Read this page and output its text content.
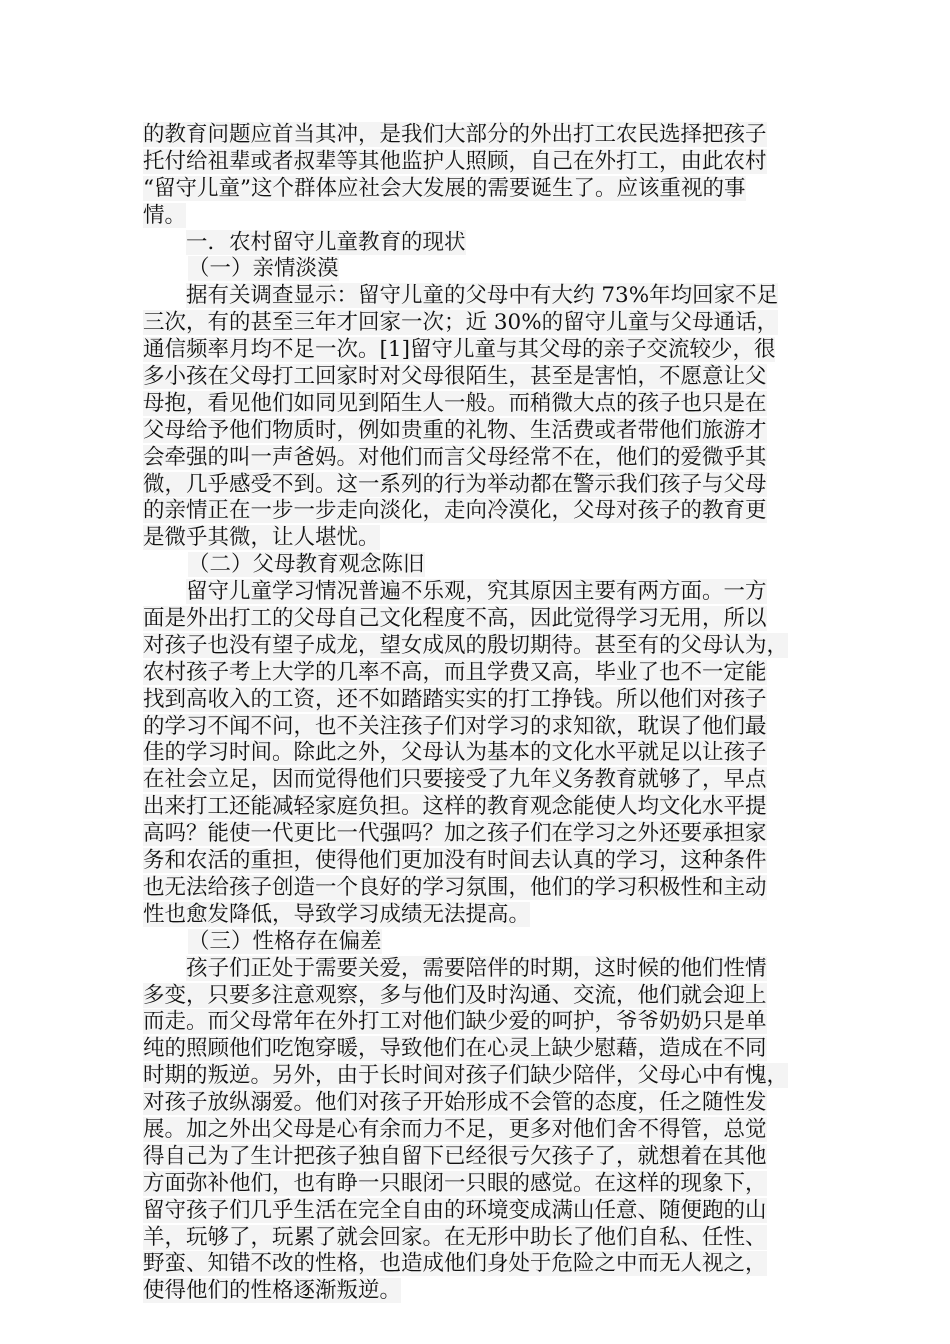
的教育问题应首当其冲，是我们大部分的外出打工农民选择把孩子
托付给祖辈或者叔辈等其他监护人照顾，自己在外打工，由此农村
“留守儿童”这个群体应社会大发展的需要诞生了。应该重视的事
情。
一．农村留守儿童教育的现状
（一）亲情淡漠
据有关调查显示：留守儿童的父母中有大约 73%年均回家不足
三次，有的甚至三年才回家一次；近 30%的留守儿童与父母通话，
通信频率月均不足一次。[1]留守儿童与其父母的亲子交流较少，很
多小孩在父母打工回家时对父母很陌生，甚至是害怕，不愿意让父
母抱，看见他们如同见到陌生人一般。而稍微大点的孩子也只是在
父母给予他们物质时，例如贵重的礼物、生活费或者带他们旅游才
会牵强的叫一声爸妈。对他们而言父母经常不在，他们的爱微乎其
微，几乎感受不到。这一系列的行为举动都在警示我们孩子与父母
的亲情正在一步一步走向淡化，走向冷漠化，父母对孩子的教育更
是微乎其微，让人堪忧。
（二）父母教育观念陈旧
留守儿童学习情况普遍不乐观，究其原因主要有两方面。一方
面是外出打工的父母自己文化程度不高，因此觉得学习无用，所以
对孩子也没有望子成龙，望女成凤的殷切期待。甚至有的父母认为，
农村孩子考上大学的几率不高，而且学费又高，毕业了也不一定能
找到高收入的工资，还不如踏踏实实的打工挣钱。所以他们对孩子
的学习不闻不问，也不关注孩子们对学习的求知欲，耽误了他们最
佳的学习时间。除此之外，父母认为基本的文化水平就足以让孩子
在社会立足，因而觉得他们只要接受了九年义务教育就够了，早点
出来打工还能减轻家庭负担。这样的教育观念能使人均文化水平提
高吗？能使一代更比一代强吗？加之孩子们在学习之外还要承担家
务和农活的重担，使得他们更加没有时间去认真的学习，这种条件
也无法给孩子创造一个良好的学习氛围，他们的学习积极性和主动
性也愈发降低，导致学习成绩无法提高。
（三）性格存在偏差
孩子们正处于需要关爱，需要陪伴的时期，这时候的他们性情
多变，只要多注意观察，多与他们及时沟通、交流，他们就会迎上
而走。而父母常年在外打工对他们缺少爱的呵护，爷爷奶奶只是单
纯的照顾他们吃饱穿暖，导致他们在心灵上缺少慰藉，造成在不同
时期的叛逆。另外，由于长时间对孩子们缺少陪伴，父母心中有愧，
对孩子放纵溺爱。他们对孩子开始形成不会管的态度，任之随性发
展。加之外出父母是心有余而力不足，更多对他们舍不得管，总觉
得自己为了生计把孩子独自留下已经很亏欠孩子了，就想着在其他
方面弥补他们，也有睁一只眼闭一只眼的感觉。在这样的现象下，
留守孩子们几乎生活在完全自由的环境变成满山任意、随便跑的山
羊，玩够了，玩累了就会回家。在无形中助长了他们自私、任性、
野蛮、知错不改的性格，也造成他们身处于危险之中而无人视之，
使得他们的性格逐渐叛逆。
